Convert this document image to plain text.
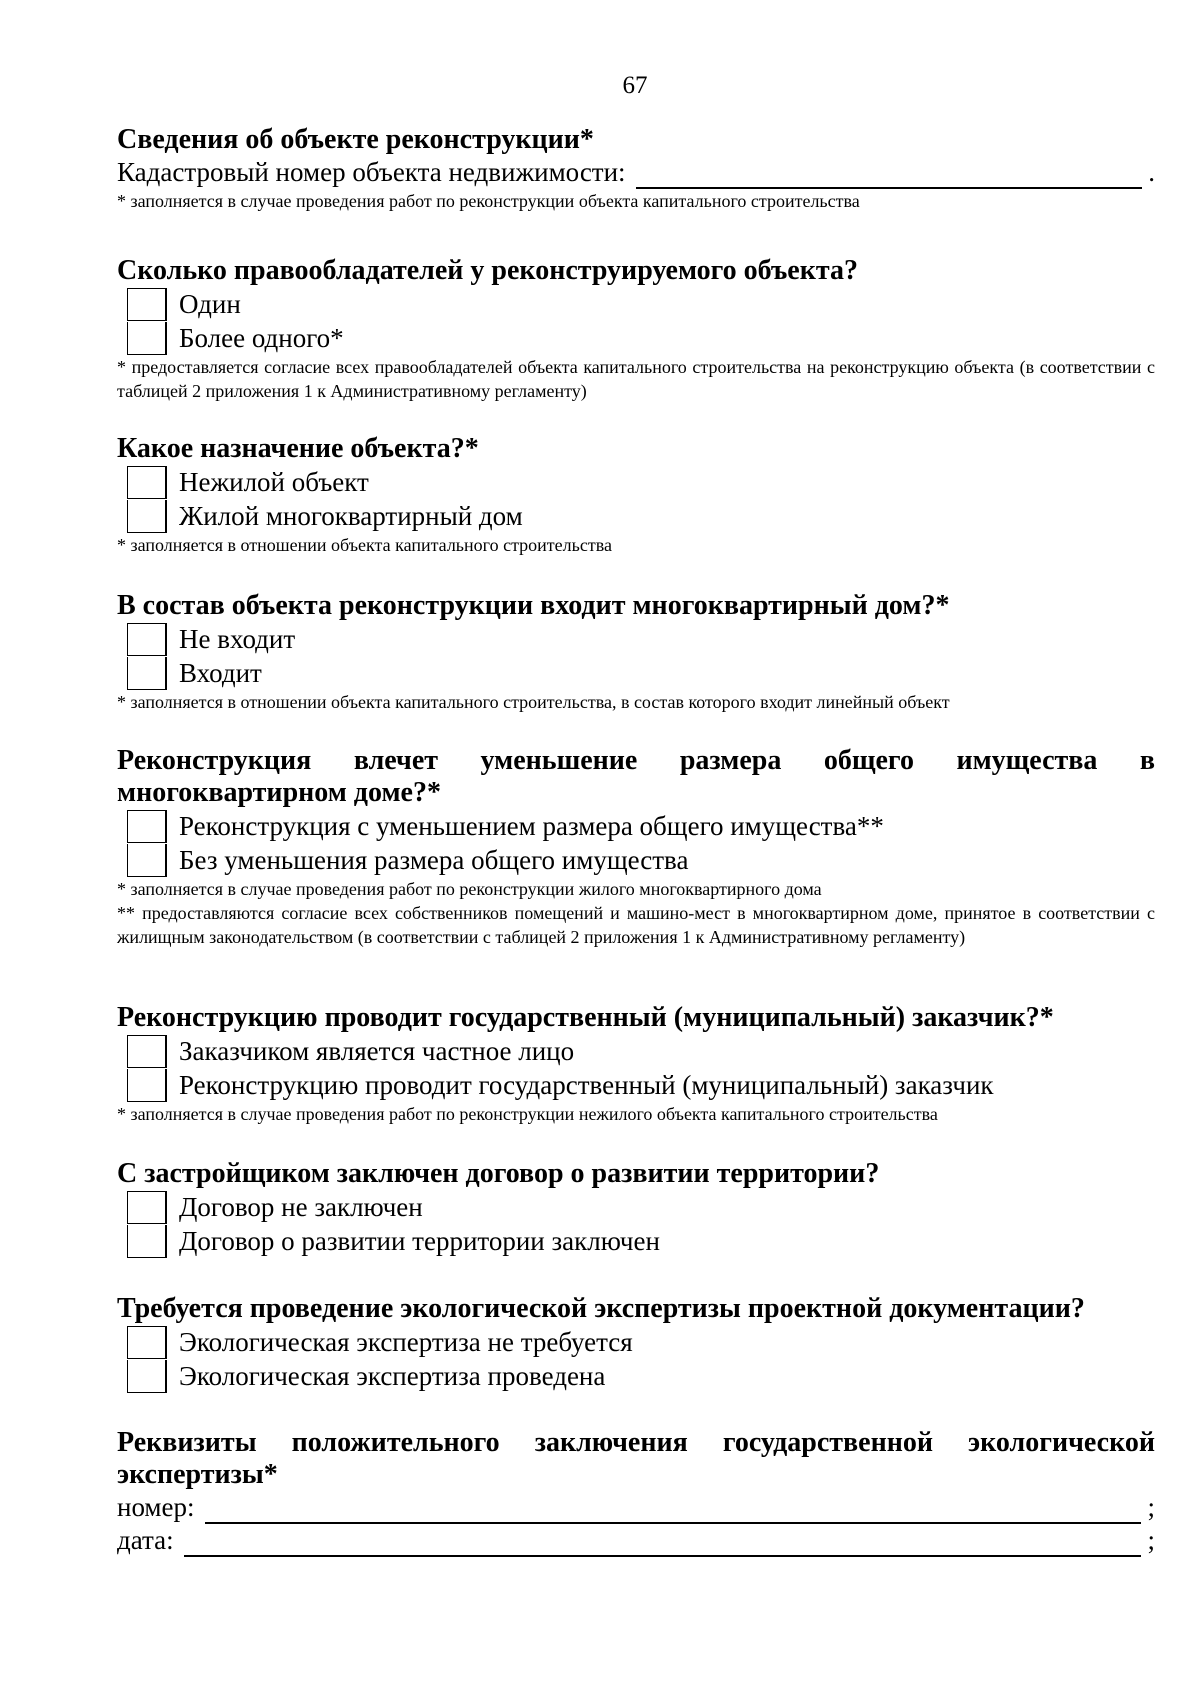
67

Сведения об объекте реконструкции*

Кадастровый номер объекта недвижимости:	.

* заполняется в случае проведения работ по реконструкции объекта капитального строительства

Сколько правообладателей у реконструируемого объекта?

Один
Более одного*

* предоставляется согласие всех правообладателей объекта капитального строительства на реконструкцию объекта (в соответствии с таблицей 2 приложения 1 к Административному регламенту)

Какое назначение объекта?*

Нежилой объект
Жилой многоквартирный дом

* заполняется в отношении объекта капитального строительства

В состав объекта реконструкции входит многоквартирный дом?*

Не входит
Входит

* заполняется в отношении объекта капитального строительства, в состав которого входит линейный объект

Реконструкция влечет уменьшение размера общего имущества в

многоквартирном доме?*

Реконструкция с уменьшением размера общего имущества**
Без уменьшения размера общего имущества

* заполняется в случае проведения работ по реконструкции жилого многоквартирного дома

** предоставляются согласие всех собственников помещений и машино-мест в многоквартирном доме, принятое в соответствии с жилищным законодательством (в соответствии с таблицей 2 приложения 1 к Административному регламенту)

Реконструкцию проводит государственный (муниципальный) заказчик?*

Заказчиком является частное лицо
Реконструкцию проводит государственный (муниципальный) заказчик

* заполняется в случае проведения работ по реконструкции нежилого объекта капитального строительства

С застройщиком заключен договор о развитии территории?

Договор не заключен
Договор о развитии территории заключен

Требуется проведение экологической экспертизы проектной документации?

Экологическая экспертиза не требуется
Экологическая экспертиза проведена

Реквизиты положительного заключения государственной экологической

экспертизы*

номер:	;
дата:	;
